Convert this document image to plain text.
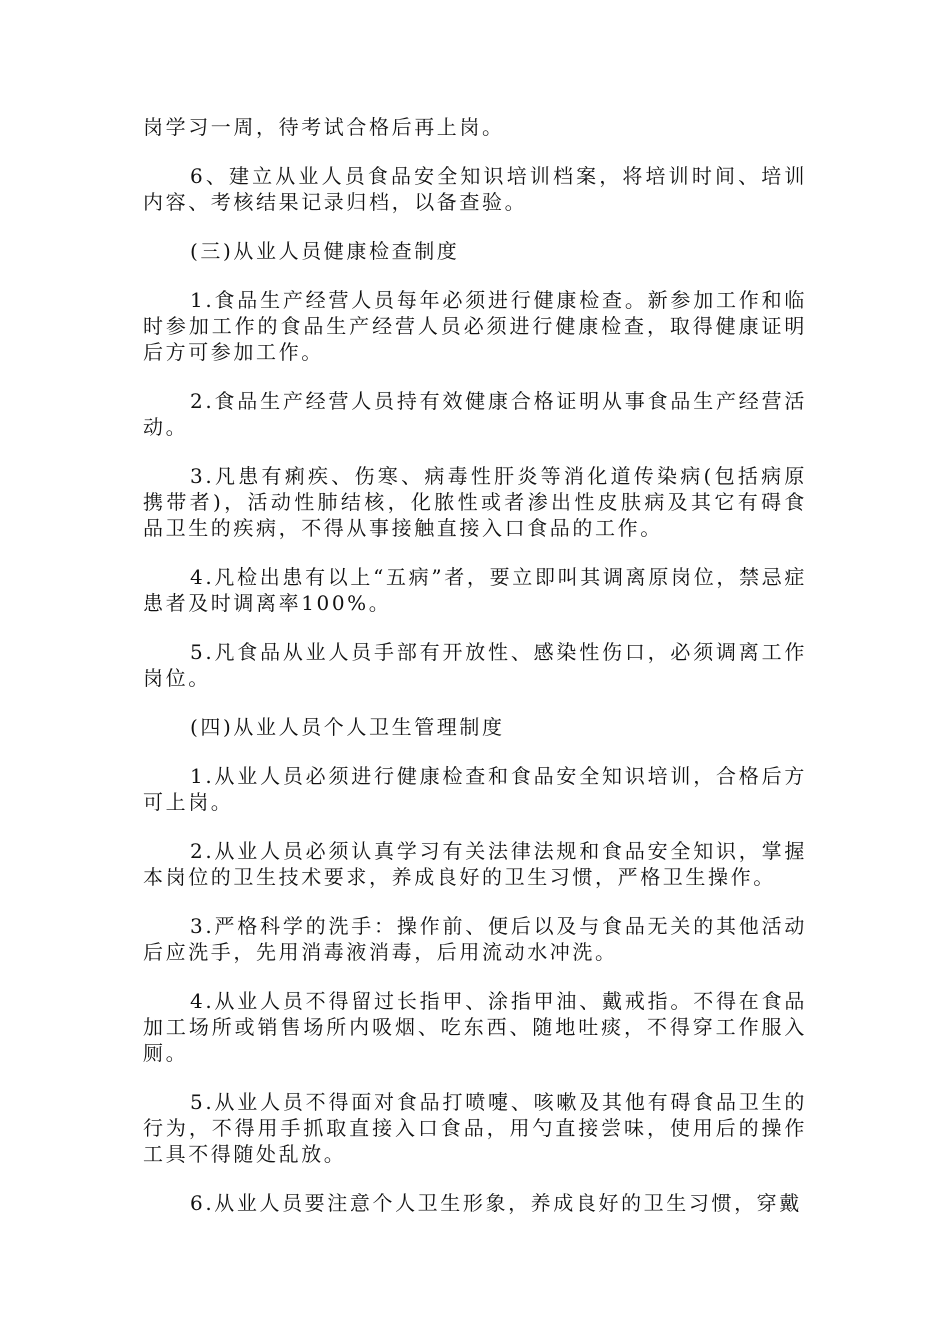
岗学习一周，待考试合格后再上岗。

6、建立从业人员食品安全知识培训档案，将培训时间、培训内容、考核结果记录归档，以备查验。

(三)从业人员健康检查制度

1.食品生产经营人员每年必须进行健康检查。新参加工作和临时参加工作的食品生产经营人员必须进行健康检查，取得健康证明后方可参加工作。

2.食品生产经营人员持有效健康合格证明从事食品生产经营活动。

3.凡患有痢疾、伤寒、病毒性肝炎等消化道传染病(包括病原携带者)，活动性肺结核，化脓性或者渗出性皮肤病及其它有碍食品卫生的疾病，不得从事接触直接入口食品的工作。

4.凡检出患有以上“五病”者，要立即叫其调离原岗位，禁忌症患者及时调离率100%。

5.凡食品从业人员手部有开放性、感染性伤口，必须调离工作岗位。

(四)从业人员个人卫生管理制度

1.从业人员必须进行健康检查和食品安全知识培训，合格后方可上岗。

2.从业人员必须认真学习有关法律法规和食品安全知识，掌握本岗位的卫生技术要求，养成良好的卫生习惯，严格卫生操作。

3.严格科学的洗手：操作前、便后以及与食品无关的其他活动后应洗手，先用消毒液消毒，后用流动水冲洗。

4.从业人员不得留过长指甲、涂指甲油、戴戒指。不得在食品加工场所或销售场所内吸烟、吃东西、随地吐痰，不得穿工作服入厕。

5.从业人员不得面对食品打喷嚏、咳嗽及其他有碍食品卫生的行为，不得用手抓取直接入口食品，用勺直接尝味，使用后的操作工具不得随处乱放。

6.从业人员要注意个人卫生形象，养成良好的卫生习惯，穿戴
